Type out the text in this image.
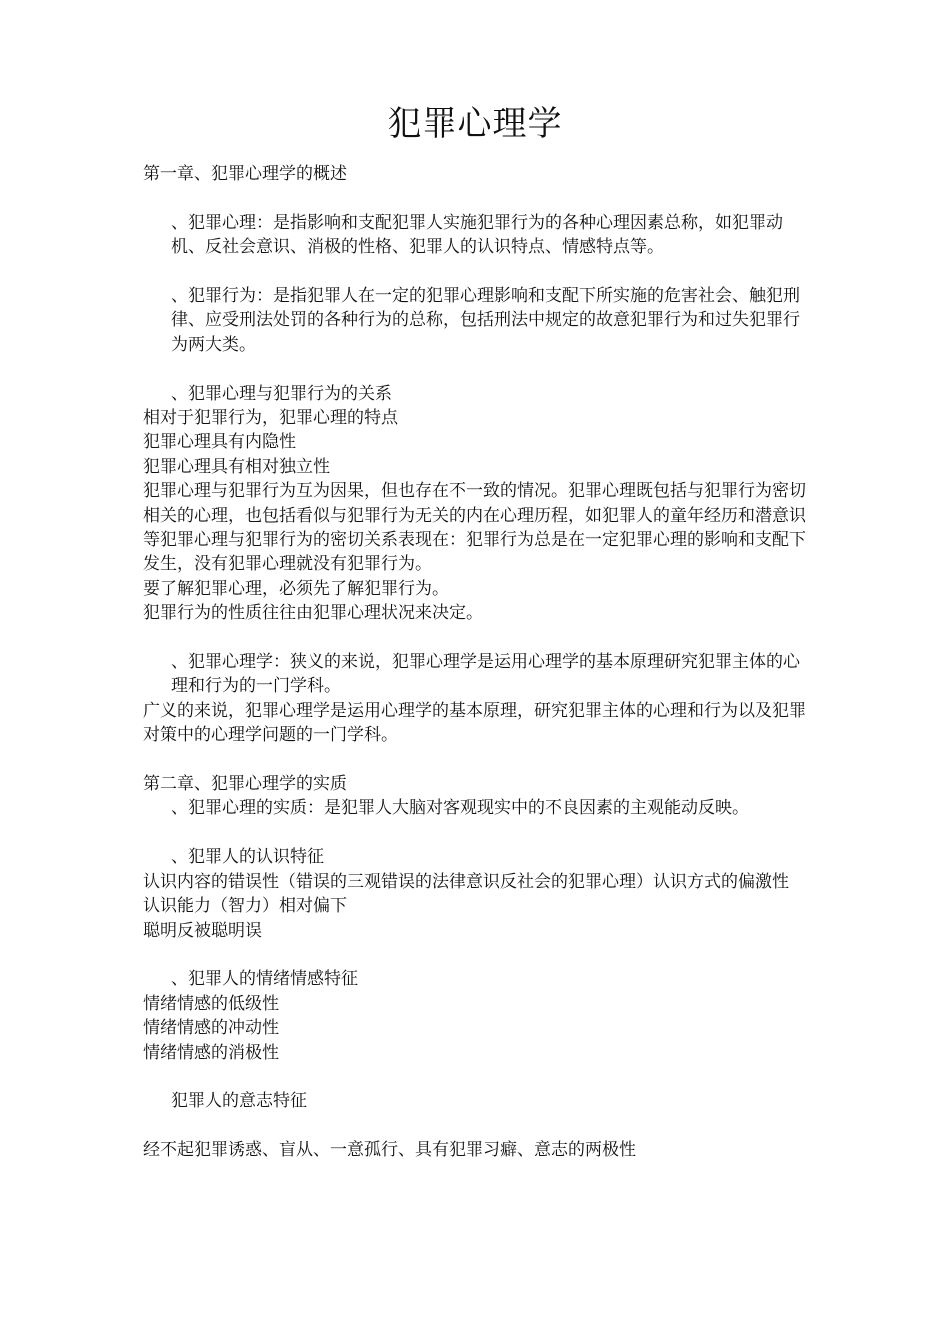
犯罪心理学

第一章、犯罪心理学的概述

、犯罪心理：是指影响和支配犯罪人实施犯罪行为的各种心理因素总称，如犯罪动机、反社会意识、消极的性格、犯罪人的认识特点、情感特点等。

、犯罪行为：是指犯罪人在一定的犯罪心理影响和支配下所实施的危害社会、触犯刑律、应受刑法处罚的各种行为的总称，包括刑法中规定的故意犯罪行为和过失犯罪行为两大类。

、犯罪心理与犯罪行为的关系

相对于犯罪行为，犯罪心理的特点

犯罪心理具有内隐性

犯罪心理具有相对独立性

犯罪心理与犯罪行为互为因果，但也存在不一致的情况。犯罪心理既包括与犯罪行为密切相关的心理，也包括看似与犯罪行为无关的内在心理历程，如犯罪人的童年经历和潜意识等犯罪心理与犯罪行为的密切关系表现在：犯罪行为总是在一定犯罪心理的影响和支配下发生，没有犯罪心理就没有犯罪行为。

要了解犯罪心理，必须先了解犯罪行为。

犯罪行为的性质往往由犯罪心理状况来决定。

、犯罪心理学：狭义的来说，犯罪心理学是运用心理学的基本原理研究犯罪主体的心理和行为的一门学科。

广义的来说，犯罪心理学是运用心理学的基本原理，研究犯罪主体的心理和行为以及犯罪对策中的心理学问题的一门学科。

第二章、犯罪心理学的实质

、犯罪心理的实质：是犯罪人大脑对客观现实中的不良因素的主观能动反映。

、犯罪人的认识特征

认识内容的错误性（错误的三观错误的法律意识反社会的犯罪心理）认识方式的偏激性

认识能力（智力）相对偏下

聪明反被聪明误

、犯罪人的情绪情感特征

情绪情感的低级性

情绪情感的冲动性

情绪情感的消极性

犯罪人的意志特征

经不起犯罪诱惑、盲从、一意孤行、具有犯罪习癖、意志的两极性
